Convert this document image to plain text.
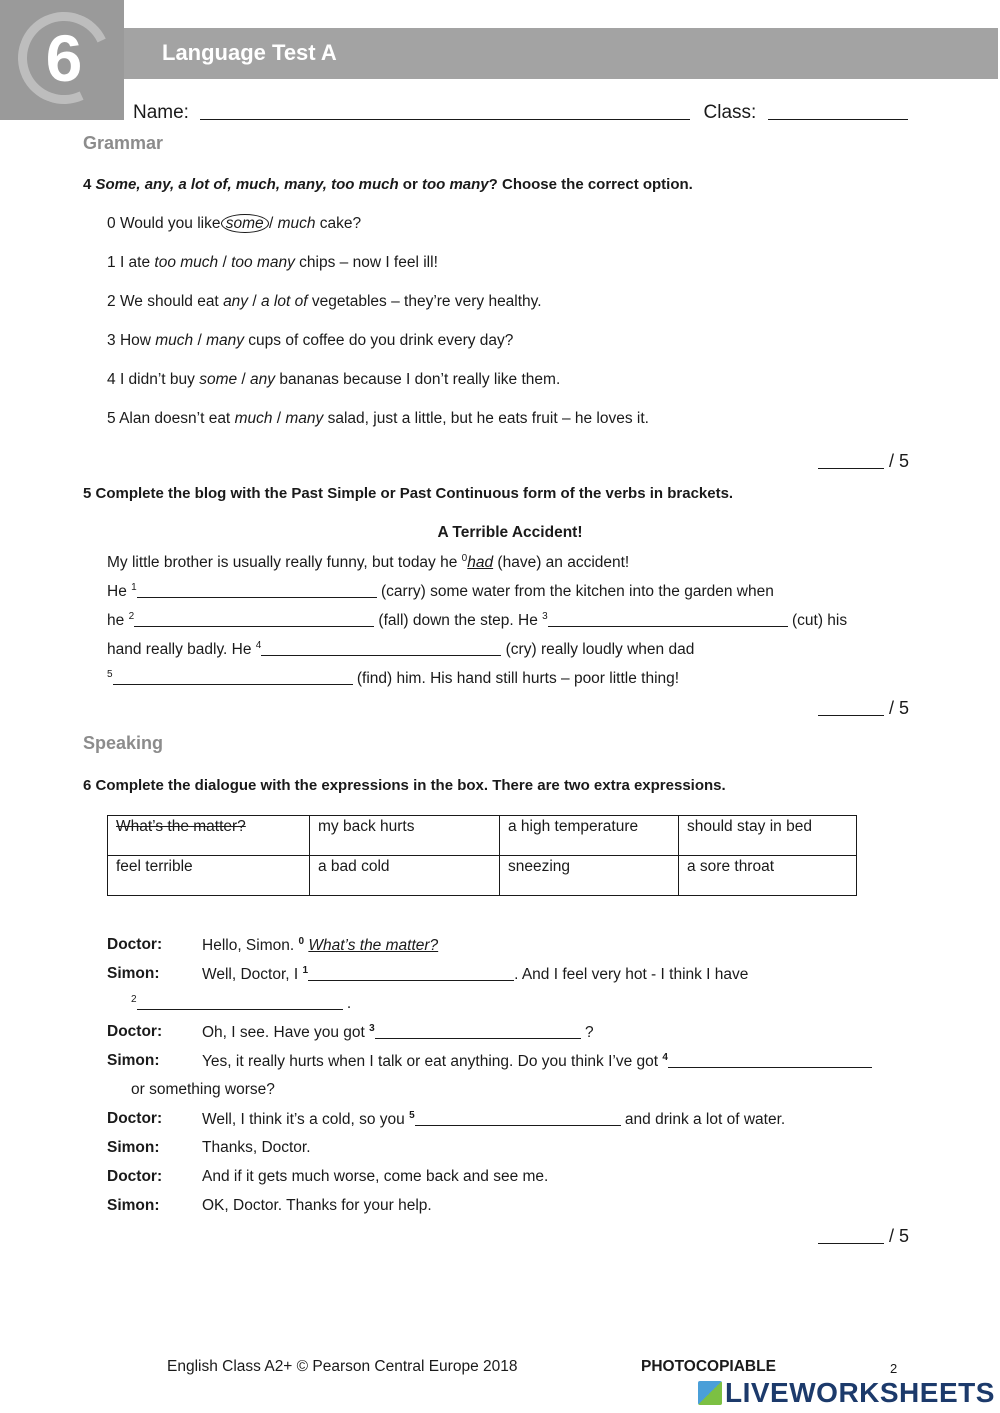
6	Language Test A
Name:	Class:
Grammar
4 Some, any, a lot of, much, many, too much or too many? Choose the correct option.
0 Would you like some / much cake?
1 I ate too much / too many chips – now I feel ill!
2 We should eat any / a lot of vegetables – they’re very healthy.
3 How much / many cups of coffee do you drink every day?
4 I didn’t buy some / any bananas because I don’t really like them.
5 Alan doesn’t eat much / many salad, just a little, but he eats fruit – he loves it.
/ 5
5 Complete the blog with the Past Simple or Past Continuous form of the verbs in brackets.
A Terrible Accident!
My little brother is usually really funny, but today he $^0$had (have) an accident!
He $^1$	(carry) some water from the kitchen into the garden when
he $^2$	(fall) down the step. He $^3$	(cut) his
hand really badly. He $^4$	(cry) really loudly when dad
$^5$	(find) him. His hand still hurts – poor little thing!
/ 5
Speaking
6 Complete the dialogue with the expressions in the box. There are two extra expressions.
What’s the matter?	my back hurts	a high temperature	should stay in bed
feel terrible	a bad cold	sneezing	a sore throat
Doctor:	Hello, Simon. $^0$ What’s the matter?
Simon:	Well, Doctor, I $^1$	. And I feel very hot - I think I have
$^2$	.
Doctor:	Oh, I see. Have you got $^3$	?
Simon:	Yes, it really hurts when I talk or eat anything. Do you think I’ve got $^4$
or something worse?
Doctor:	Well, I think it’s a cold, so you $^5$	and drink a lot of water.
Simon:	Thanks, Doctor.
Doctor:	And if it gets much worse, come back and see me.
Simon:	OK, Doctor. Thanks for your help.
/ 5
English Class A2+ © Pearson Central Europe 2018	PHOTOCOPIABLE	2
LIVEWORKSHEETS
